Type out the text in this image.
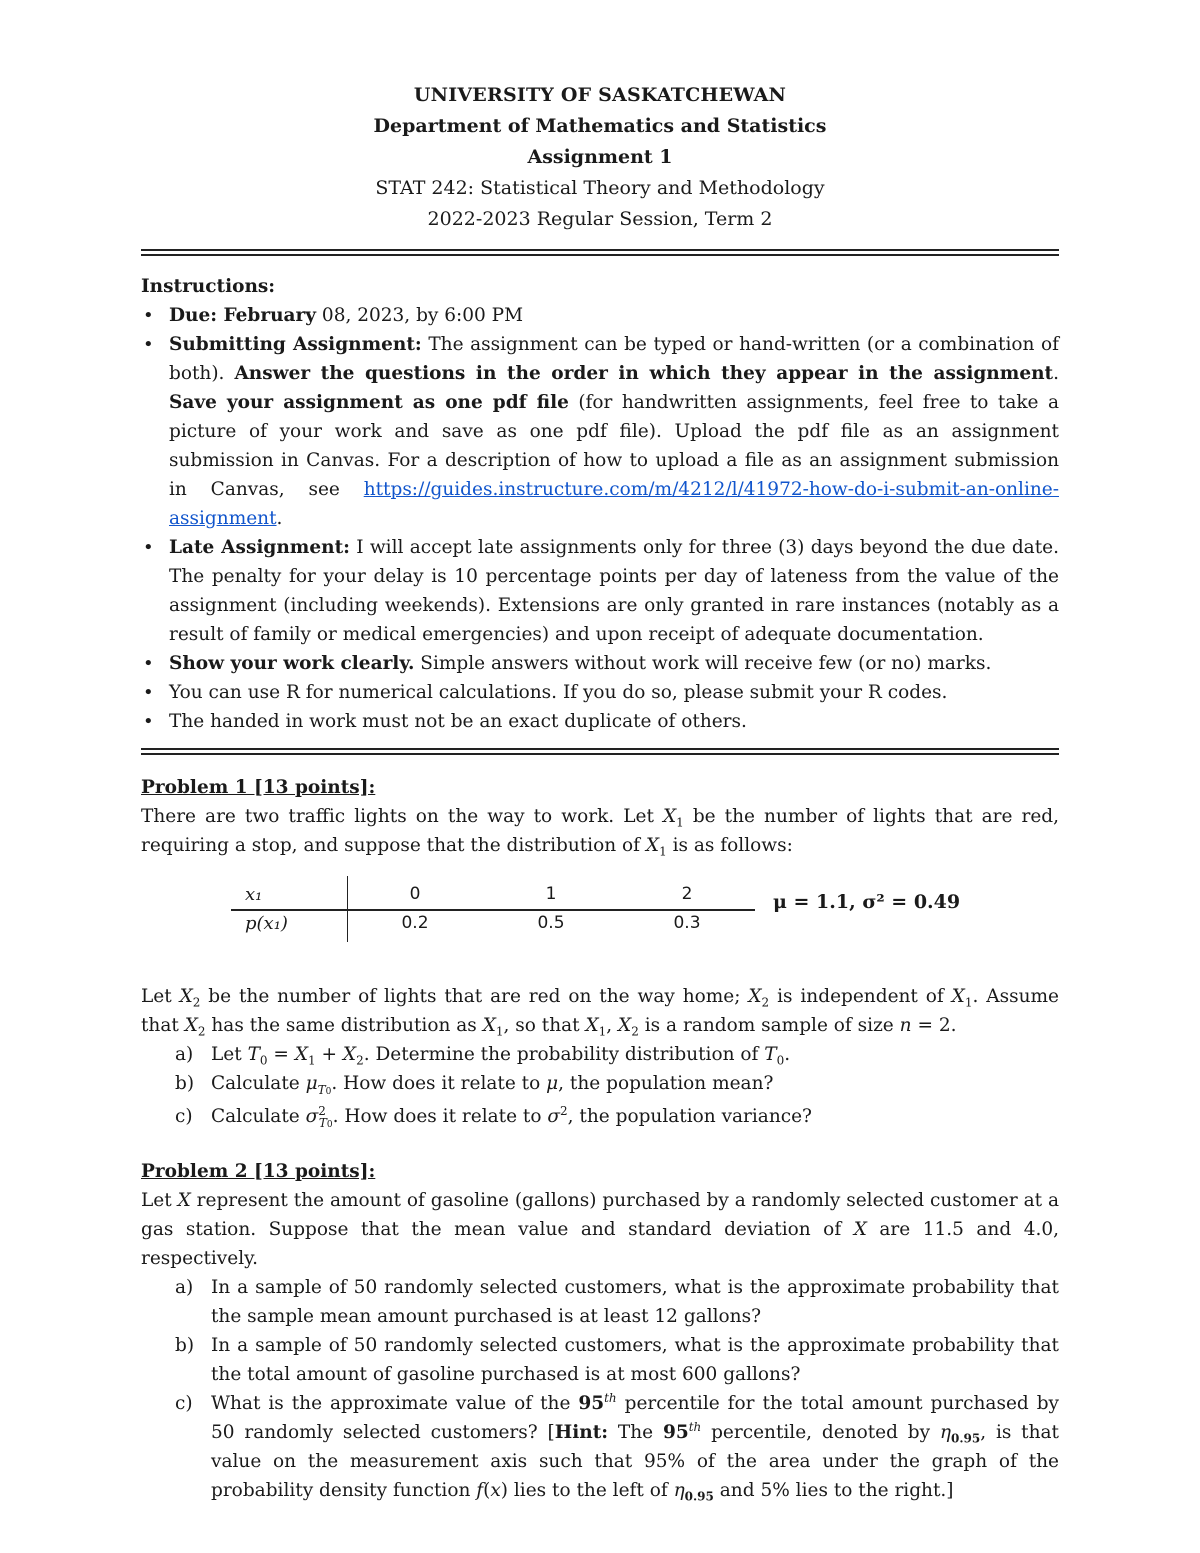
UNIVERSITY OF SASKATCHEWAN
Department of Mathematics and Statistics
Assignment 1
STAT 242: Statistical Theory and Methodology
2022-2023 Regular Session, Term 2
Instructions:
• Due: February 08, 2023, by 6:00 PM
• Submitting Assignment: The assignment can be typed or hand-written (or a combination of both). Answer the questions in the order in which they appear in the assignment. Save your assignment as one pdf file (for handwritten assignments, feel free to take a picture of your work and save as one pdf file). Upload the pdf file as an assignment submission in Canvas. For a description of how to upload a file as an assignment submission in Canvas, see https://guides.instructure.com/m/4212/l/41972-how-do-i-submit-an-online-assignment.
• Late Assignment: I will accept late assignments only for three (3) days beyond the due date. The penalty for your delay is 10 percentage points per day of lateness from the value of the assignment (including weekends). Extensions are only granted in rare instances (notably as a result of family or medical emergencies) and upon receipt of adequate documentation.
• Show your work clearly. Simple answers without work will receive few (or no) marks.
• You can use R for numerical calculations. If you do so, please submit your R codes.
• The handed in work must not be an exact duplicate of others.
Problem 1 [13 points]:
There are two traffic lights on the way to work. Let $X_1$ be the number of lights that are red, requiring a stop, and suppose that the distribution of $X_1$ is as follows:
x₁	0	1	2
p(x₁)	0.2	0.5	0.3
μ = 1.1, σ² = 0.49
Let $X_2$ be the number of lights that are red on the way home; $X_2$ is independent of $X_1$. Assume that $X_2$ has the same distribution as $X_1$, so that $X_1$, $X_2$ is a random sample of size n = 2.
a) Let $T_0 = X_1 + X_2$. Determine the probability distribution of $T_0$.
b) Calculate $\mu_{T0}$. How does it relate to μ, the population mean?
c) Calculate $\sigma^2_{T0}$. How does it relate to $\sigma^2$, the population variance?
Problem 2 [13 points]:
Let X represent the amount of gasoline (gallons) purchased by a randomly selected customer at a gas station. Suppose that the mean value and standard deviation of X are 11.5 and 4.0, respectively.
a) In a sample of 50 randomly selected customers, what is the approximate probability that the sample mean amount purchased is at least 12 gallons?
b) In a sample of 50 randomly selected customers, what is the approximate probability that the total amount of gasoline purchased is at most 600 gallons?
c) What is the approximate value of the 95th percentile for the total amount purchased by 50 randomly selected customers? [Hint: The 95th percentile, denoted by $\eta_{0.95}$, is that value on the measurement axis such that 95% of the area under the graph of the probability density function f(x) lies to the left of $\eta_{0.95}$ and 5% lies to the right.]
